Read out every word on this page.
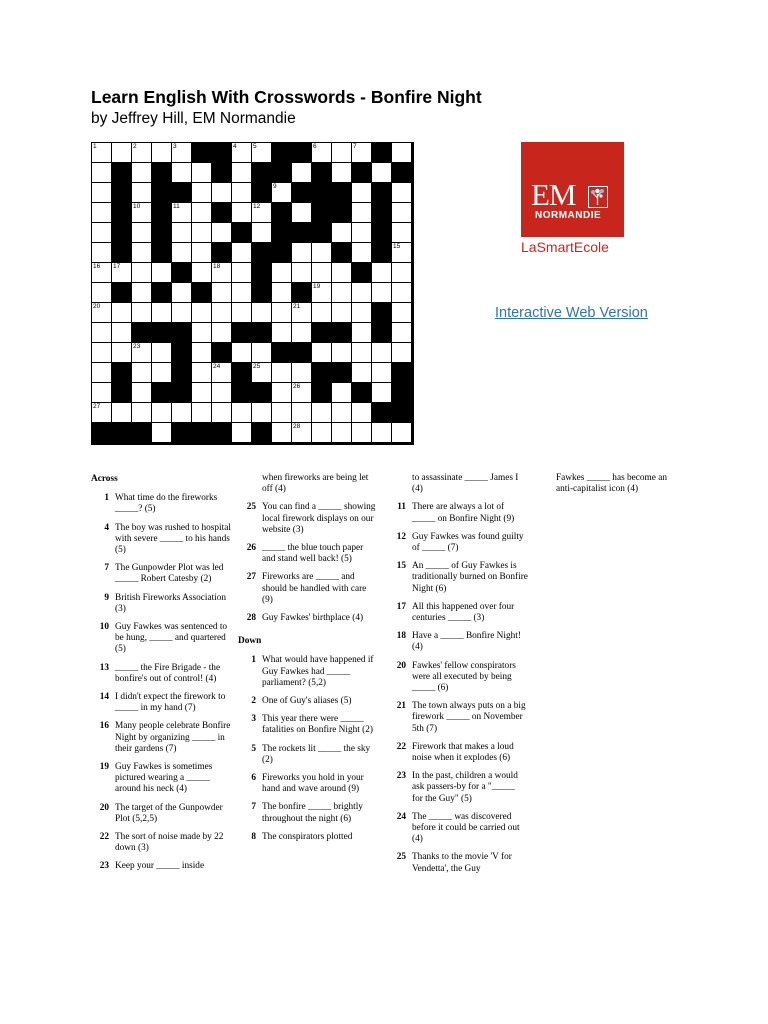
Learn English With Crosswords - Bonfire Night
by Jeffrey Hill, EM Normandie
1	2	3	4	5	6	7
9
10	11	12
15
16 17	18
19
20	21
23
24	25
26
27
28
EM
NORMANDIE
LaSmartEcole
Interactive Web Version
Across
1 What time do the fireworks _____? (5)
4 The boy was rushed to hospital with severe _____ to his hands (5)
7 The Gunpowder Plot was led _____ Robert Catesby (2)
9 British Fireworks Association (3)
10 Guy Fawkes was sentenced to be hung, _____ and quartered (5)
13 _____ the Fire Brigade - the bonfire's out of control! (4)
14 I didn't expect the firework to _____ in my hand (7)
16 Many people celebrate Bonfire Night by organizing _____ in their gardens (7)
19 Guy Fawkes is sometimes pictured wearing a _____ around his neck (4)
20 The target of the Gunpowder Plot (5,2,5)
22 The sort of noise made by 22 down (3)
23 Keep your _____ inside
when fireworks are being let off (4)
25 You can find a _____ showing local firework displays on our website (3)
26 _____ the blue touch paper and stand well back! (5)
27 Fireworks are _____ and should be handled with care (9)
28 Guy Fawkes' birthplace (4)
Down
1 What would have happened if Guy Fawkes had _____ parliament? (5,2)
2 One of Guy's aliases (5)
3 This year there were _____ fatalities on Bonfire Night (2)
5 The rockets lit _____ the sky (2)
6 Fireworks you hold in your hand and wave around (9)
7 The bonfire _____ brightly throughout the night (6)
8 The conspirators plotted
to assassinate _____ James I (4)
11 There are always a lot of _____ on Bonfire Night (9)
12 Guy Fawkes was found guilty of _____ (7)
15 An _____ of Guy Fawkes is traditionally burned on Bonfire Night (6)
17 All this happened over four centuries _____ (3)
18 Have a _____ Bonfire Night! (4)
20 Fawkes' fellow conspirators were all executed by being _____ (6)
21 The town always puts on a big firework _____ on November 5th (7)
22 Firework that makes a loud noise when it explodes (6)
23 In the past, children a would ask passers-by for a "_____ for the Guy" (5)
24 The _____ was discovered before it could be carried out (4)
25 Thanks to the movie 'V for Vendetta', the Guy
Fawkes _____ has become an anti-capitalist icon (4)
